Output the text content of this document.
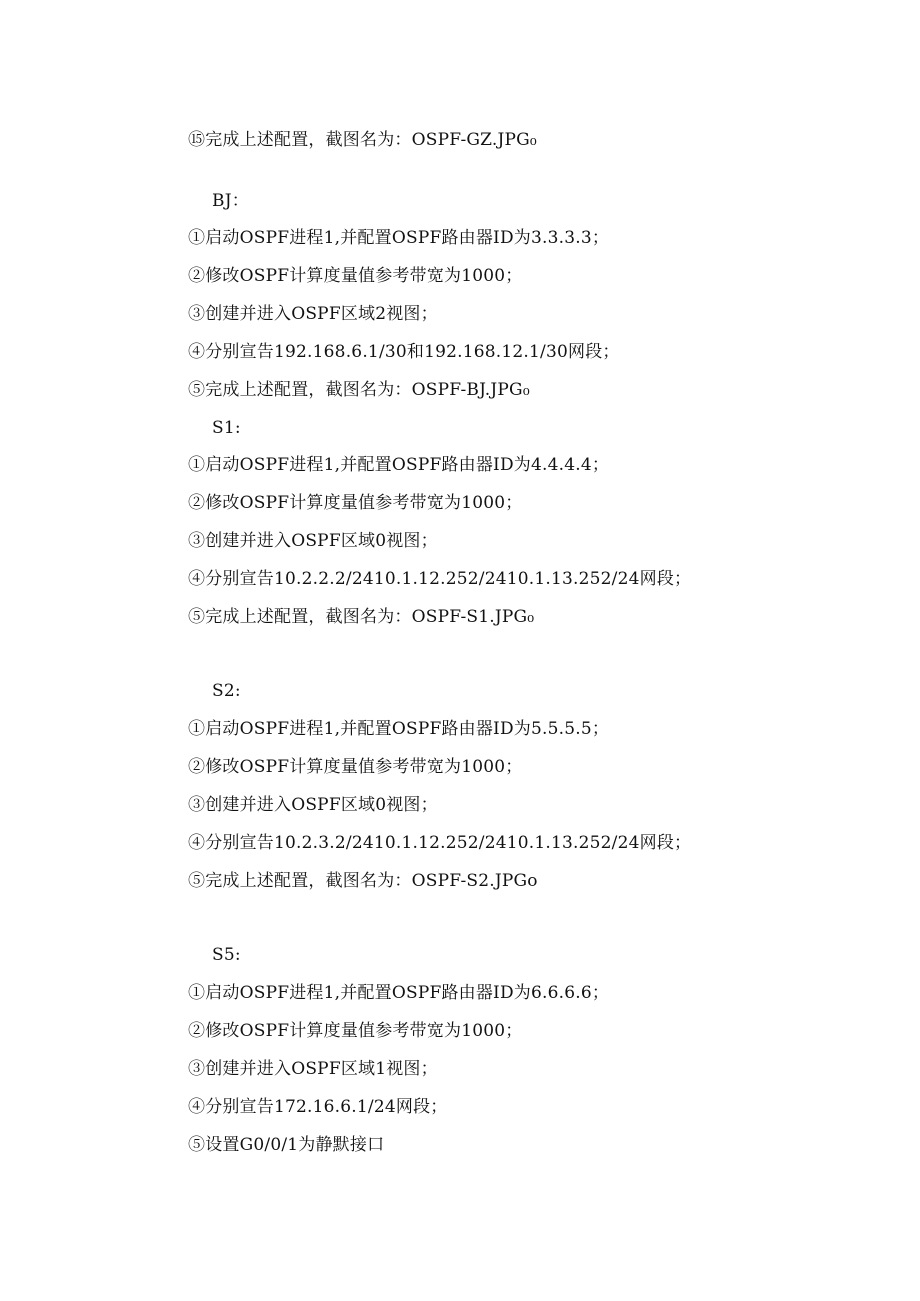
⑮完成上述配置，截图名为：OSPF-GZ.JPG₀
BJ：
①启动OSPF进程1,并配置OSPF路由器ID为3.3.3.3；
②修改OSPF计算度量值参考带宽为1000；
③创建并进入OSPF区域2视图；
④分别宣告192.168.6.1/30和192.168.12.1/30网段；
⑤完成上述配置，截图名为：OSPF-BJ.JPG₀
S1:
①启动OSPF进程1,并配置OSPF路由器ID为4.4.4.4；
②修改OSPF计算度量值参考带宽为1000；
③创建并进入OSPF区域0视图；
④分别宣告10.2.2.2/2410.1.12.252/2410.1.13.252/24网段；
⑤完成上述配置，截图名为：OSPF-S1.JPG₀
S2:
①启动OSPF进程1,并配置OSPF路由器ID为5.5.5.5；
②修改OSPF计算度量值参考带宽为1000；
③创建并进入OSPF区域0视图；
④分别宣告10.2.3.2/2410.1.12.252/2410.1.13.252/24网段；
⑤完成上述配置，截图名为：OSPF-S2.JPGo
S5:
①启动OSPF进程1,并配置OSPF路由器ID为6.6.6.6；
②修改OSPF计算度量值参考带宽为1000；
③创建并进入OSPF区域1视图；
④分别宣告172.16.6.1/24网段；
⑤设置G0/0/1为静默接口
